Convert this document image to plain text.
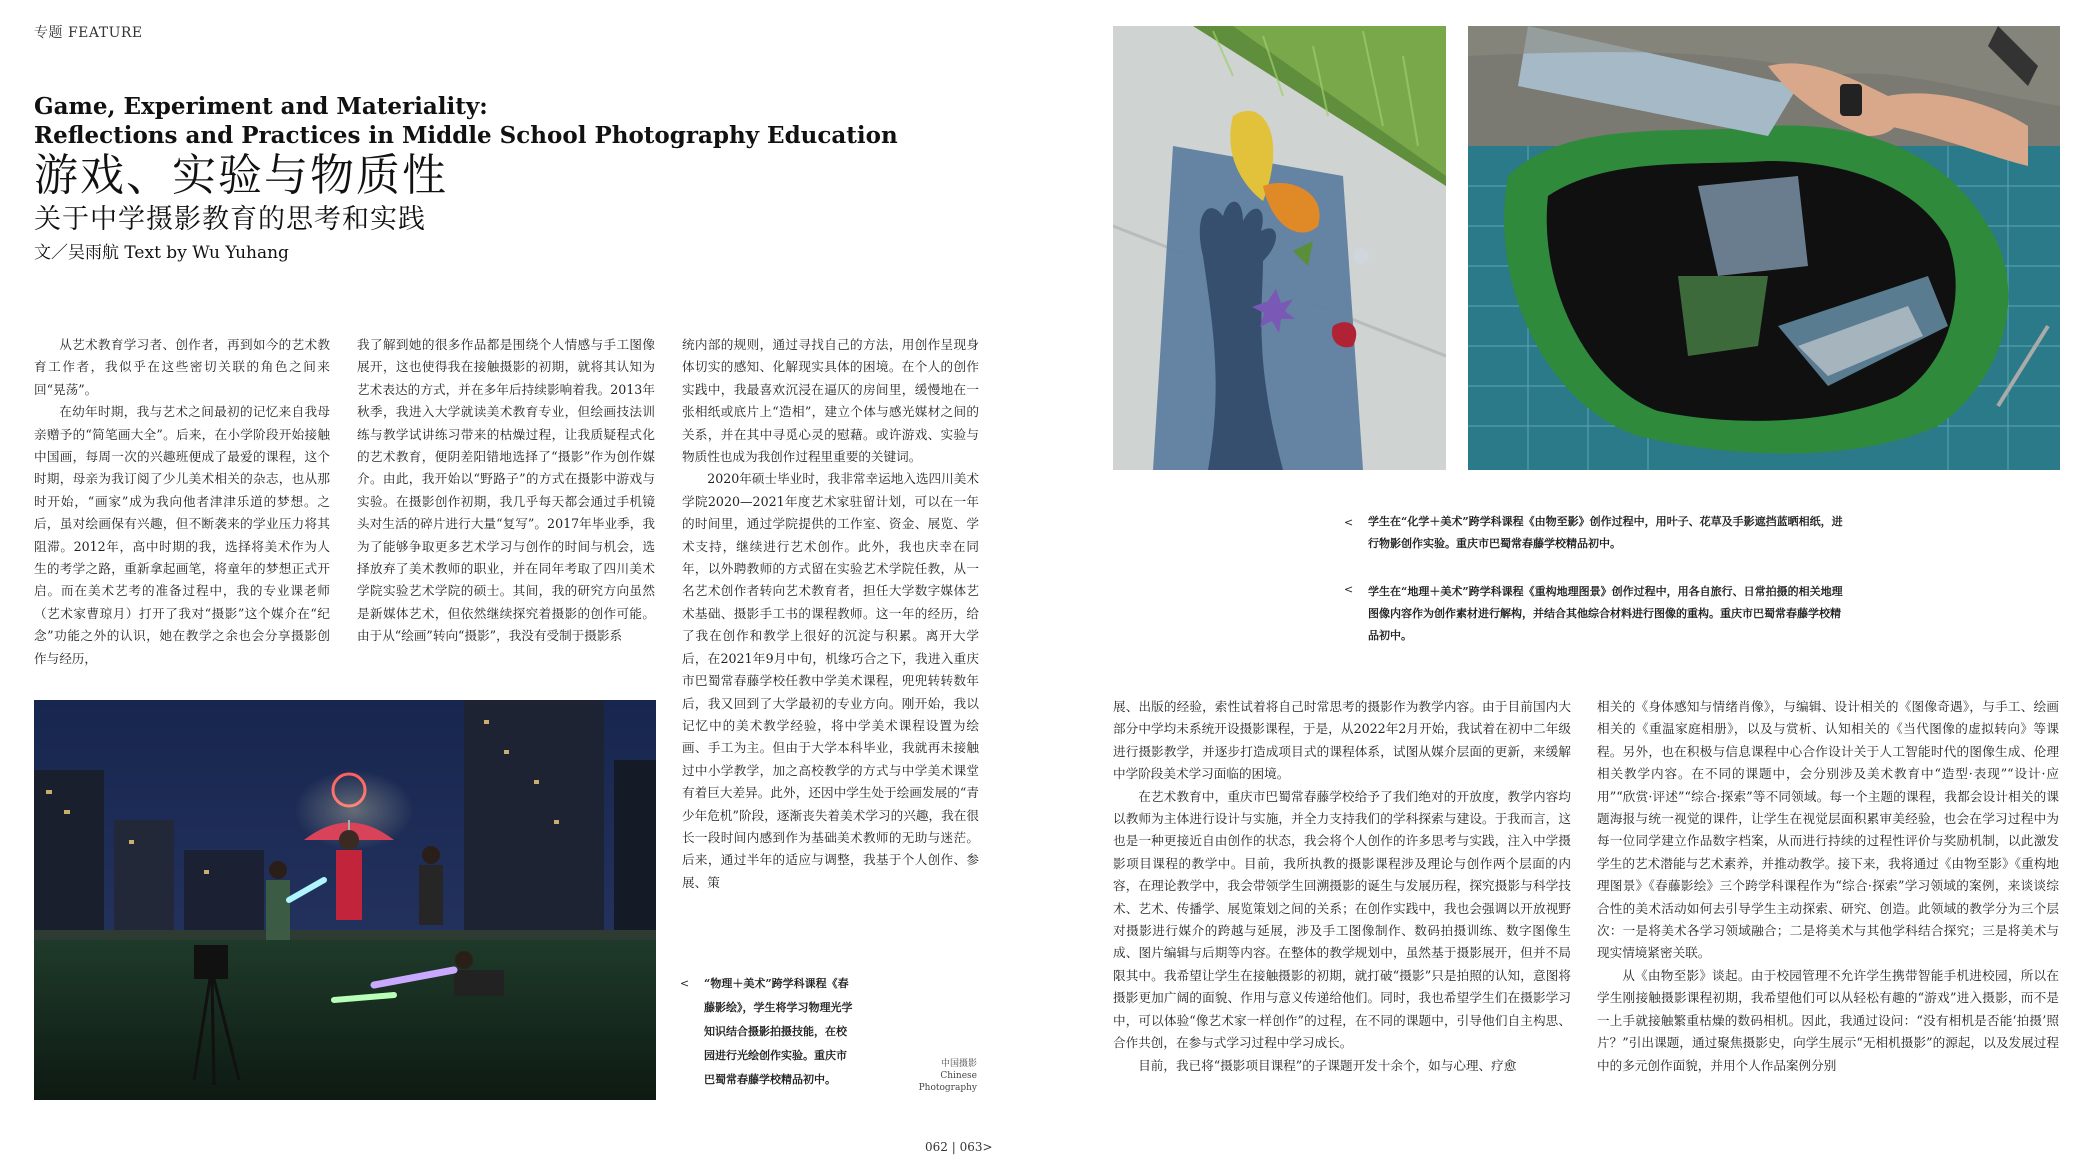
专题 FEATURE
Game, Experiment and Materiality:
Reflections and Practices in Middle School Photography Education
游戏、实验与物质性
关于中学摄影教育的思考和实践
文／吴雨航 Text by Wu Yuhang

从艺术教育学习者、创作者，再到如今的艺术教育工作者，我似乎在这些密切关联的角色之间来回“晃荡”。

在幼年时期，我与艺术之间最初的记忆来自我母亲赠予的“简笔画大全”。后来，在小学阶段开始接触中国画，每周一次的兴趣班便成了最爱的课程，这个时期，母亲为我订阅了少儿美术相关的杂志，也从那时开始，“画家”成为我向他者津津乐道的梦想。之后，虽对绘画保有兴趣，但不断袭来的学业压力将其阻滞。2012年，高中时期的我，选择将美术作为人生的考学之路，重新拿起画笔，将童年的梦想正式开启。而在美术艺考的准备过程中，我的专业课老师（艺术家曹琼月）打开了我对“摄影”这个媒介在“纪念”功能之外的认识，她在教学之余也会分享摄影创作与经历，

我了解到她的很多作品都是围绕个人情感与手工图像展开，这也使得我在接触摄影的初期，就将其认知为艺术表达的方式，并在多年后持续影响着我。2013年秋季，我进入大学就读美术教育专业，但绘画技法训练与教学试讲练习带来的枯燥过程，让我质疑程式化的艺术教育，便阴差阳错地选择了“摄影”作为创作媒介。由此，我开始以“野路子”的方式在摄影中游戏与实验。在摄影创作初期，我几乎每天都会通过手机镜头对生活的碎片进行大量“复写”。2017年毕业季，我为了能够争取更多艺术学习与创作的时间与机会，选择放弃了美术教师的职业，并在同年考取了四川美术学院实验艺术学院的硕士。其间，我的研究方向虽然是新媒体艺术，但依然继续探究着摄影的创作可能。由于从“绘画”转向“摄影”，我没有受制于摄影系

统内部的规则，通过寻找自己的方法，用创作呈现身体切实的感知、化解现实具体的困境。在个人的创作实践中，我最喜欢沉浸在逼仄的房间里，缓慢地在一张相纸或底片上“造相”，建立个体与感光媒材之间的关系，并在其中寻觅心灵的慰藉。或许游戏、实验与物质性也成为我创作过程里重要的关键词。

2020年硕士毕业时，我非常幸运地入选四川美术学院2020—2021年度艺术家驻留计划，可以在一年的时间里，通过学院提供的工作室、资金、展览、学术支持，继续进行艺术创作。此外，我也庆幸在同年，以外聘教师的方式留在实验艺术学院任教，从一名艺术创作者转向艺术教育者，担任大学数字媒体艺术基础、摄影手工书的课程教师。这一年的经历，给了我在创作和教学上很好的沉淀与积累。离开大学后，在2021年9月中旬，机缘巧合之下，我进入重庆市巴蜀常春藤学校任教中学美术课程，兜兜转转数年后，我又回到了大学最初的专业方向。刚开始，我以记忆中的美术教学经验，将中学美术课程设置为绘画、手工为主。但由于大学本科毕业，我就再未接触过中小学教学，加之高校教学的方式与中学美术课堂有着巨大差异。此外，还因中学生处于绘画发展的“青少年危机”阶段，逐渐丧失着美术学习的兴趣，我在很长一段时间内感到作为基础美术教师的无助与迷茫。后来，通过半年的适应与调整，我基于个人创作、参展、策

<	“物理＋美术”跨学科课程《春藤影绘》，学生将学习物理光学知识结合摄影拍摄技能，在校园进行光绘创作实验。重庆市巴蜀常春藤学校精品初中。
中国摄影
Chinese
Photography
<	学生在“化学＋美术”跨学科课程《由物至影》创作过程中，用叶子、花草及手影遮挡蓝晒相纸，进行物影创作实验。重庆市巴蜀常春藤学校精品初中。
<	学生在“地理＋美术”跨学科课程《重构地理图景》创作过程中，用各自旅行、日常拍摄的相关地理图像内容作为创作素材进行解构，并结合其他综合材料进行图像的重构。重庆市巴蜀常春藤学校精品初中。

展、出版的经验，索性试着将自己时常思考的摄影作为教学内容。由于目前国内大部分中学均未系统开设摄影课程，于是，从2022年2月开始，我试着在初中二年级进行摄影教学，并逐步打造成项目式的课程体系，试图从媒介层面的更新，来缓解中学阶段美术学习面临的困境。

在艺术教育中，重庆市巴蜀常春藤学校给予了我们绝对的开放度，教学内容均以教师为主体进行设计与实施，并全力支持我们的学科探索与建设。于我而言，这也是一种更接近自由创作的状态，我会将个人创作的许多思考与实践，注入中学摄影项目课程的教学中。目前，我所执教的摄影课程涉及理论与创作两个层面的内容，在理论教学中，我会带领学生回溯摄影的诞生与发展历程，探究摄影与科学技术、艺术、传播学、展览策划之间的关系；在创作实践中，我也会强调以开放视野对摄影进行媒介的跨越与延展，涉及手工图像制作、数码拍摄训练、数字图像生成、图片编辑与后期等内容。在整体的教学规划中，虽然基于摄影展开，但并不局限其中。我希望让学生在接触摄影的初期，就打破“摄影”只是拍照的认知，意图将摄影更加广阔的面貌、作用与意义传递给他们。同时，我也希望学生们在摄影学习中，可以体验“像艺术家一样创作”的过程，在不同的课题中，引导他们自主构思、合作共创，在参与式学习过程中学习成长。

目前，我已将“摄影项目课程”的子课题开发十余个，如与心理、疗愈

相关的《身体感知与情绪肖像》，与编辑、设计相关的《图像奇遇》，与手工、绘画相关的《重温家庭相册》，以及与赏析、认知相关的《当代图像的虚拟转向》等课程。另外，也在积极与信息课程中心合作设计关于人工智能时代的图像生成、伦理相关教学内容。在不同的课题中，会分别涉及美术教育中“造型·表现”“设计·应用”“欣赏·评述”“综合·探索”等不同领域。每一个主题的课程，我都会设计相关的课题海报与统一视觉的课件，让学生在视觉层面积累审美经验，也会在学习过程中为每一位同学建立作品数字档案，从而进行持续的过程性评价与奖励机制，以此激发学生的艺术潜能与艺术素养，并推动教学。接下来，我将通过《由物至影》《重构地理图景》《春藤影绘》三个跨学科课程作为“综合·探索”学习领域的案例，来谈谈综合性的美术活动如何去引导学生主动探索、研究、创造。此领域的教学分为三个层次：一是将美术各学习领域融合；二是将美术与其他学科结合探究；三是将美术与现实情境紧密关联。

从《由物至影》谈起。由于校园管理不允许学生携带智能手机进校园，所以在学生刚接触摄影课程初期，我希望他们可以从轻松有趣的“游戏”进入摄影，而不是一上手就接触繁重枯燥的数码相机。因此，我通过设问：“没有相机是否能‘拍摄’照片？”引出课题，通过聚焦摄影史，向学生展示“无相机摄影”的源起，以及发展过程中的多元创作面貌，并用个人作品案例分别

062 | 063>
